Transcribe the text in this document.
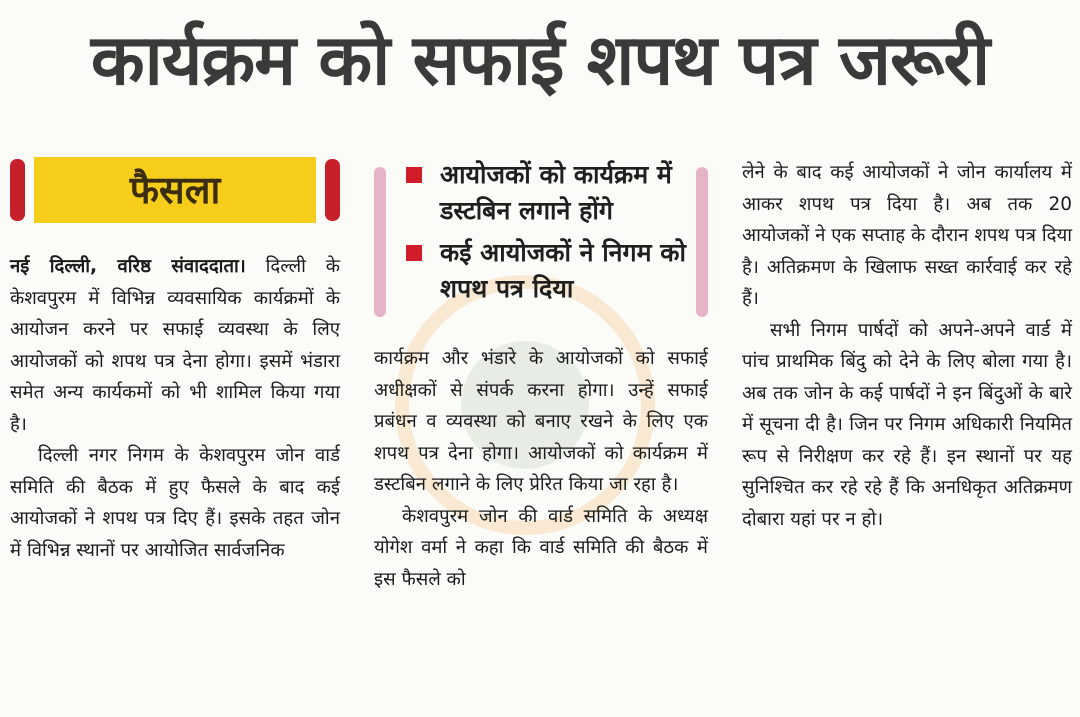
कार्यक्रम को सफाई शपथ पत्र जरूरी
फैसला

नई दिल्ली, वरिष्ठ संवाददाता। दिल्ली के केशवपुरम में विभिन्न व्यवसायिक कार्यक्रमों के आयोजन करने पर सफाई व्यवस्था के लिए आयोजकों को शपथ पत्र देना होगा। इसमें भंडारा समेत अन्य कार्यकमों को भी शामिल किया गया है।

दिल्ली नगर निगम के केशवपुरम जोन वार्ड समिति की बैठक में हुए फैसले के बाद कई आयोजकों ने शपथ पत्र दिए हैं। इसके तहत जोन में विभिन्न स्थानों पर आयोजित सार्वजनिक

आयोजकों को कार्यक्रम में डस्टबिन लगाने होंगे
कई आयोजकों ने निगम को शपथ पत्र दिया

कार्यक्रम और भंडारे के आयोजकों को सफाई अधीक्षकों से संपर्क करना होगा। उन्हें सफाई प्रबंधन व व्यवस्था को बनाए रखने के लिए एक शपथ पत्र देना होगा। आयोजकों को कार्यक्रम में डस्टबिन लगाने के लिए प्रेरित किया जा रहा है।

केशवपुरम जोन की वार्ड समिति के अध्यक्ष योगेश वर्मा ने कहा कि वार्ड समिति की बैठक में इस फैसले को

लेने के बाद कई आयोजकों ने जोन कार्यालय में आकर शपथ पत्र दिया है। अब तक 20 आयोजकों ने एक सप्ताह के दौरान शपथ पत्र दिया है। अतिक्रमण के खिलाफ सख्त कार्रवाई कर रहे हैं।

सभी निगम पार्षदों को अपने-अपने वार्ड में पांच प्राथमिक बिंदु को देने के लिए बोला गया है। अब तक जोन के कई पार्षदों ने इन बिंदुओं के बारे में सूचना दी है। जिन पर निगम अधिकारी नियमित रूप से निरीक्षण कर रहे हैं। इन स्थानों पर यह सुनिश्चित कर रहे रहे हैं कि अनधिकृत अतिक्रमण दोबारा यहां पर न हो।
